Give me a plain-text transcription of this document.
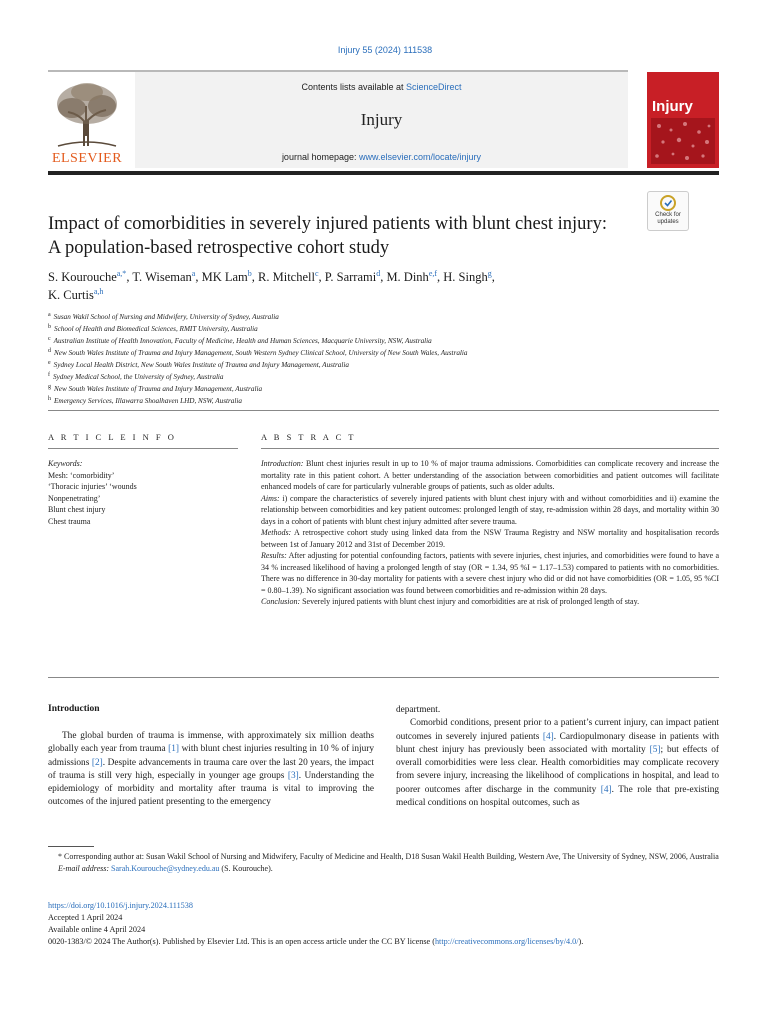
Injury 55 (2024) 111538
ELSEVIER
Contents lists available at ScienceDirect
Injury
journal homepage: www.elsevier.com/locate/injury
Injury
Impact of comorbidities in severely injured patients with blunt chest injury:
A population-based retrospective cohort study
Check for updates
S. Kourouche$^{a,*}$, T. Wiseman$^a$, MK Lam$^b$, R. Mitchell$^c$, P. Sarrami$^d$, M. Dinh$^{e,f}$, H. Singh$^g$,
K. Curtis$^{a,h}$
$^a$ Susan Wakil School of Nursing and Midwifery, University of Sydney, Australia
$^b$ School of Health and Biomedical Sciences, RMIT University, Australia
$^c$ Australian Institute of Health Innovation, Faculty of Medicine, Health and Human Sciences, Macquarie University, NSW, Australia
$^d$ New South Wales Institute of Trauma and Injury Management, South Western Sydney Clinical School, University of New South Wales, Australia
$^e$ Sydney Local Health District, New South Wales Institute of Trauma and Injury Management, Australia
$^f$ Sydney Medical School, the University of Sydney, Australia
$^g$ New South Wales Institute of Trauma and Injury Management, Australia
$^h$ Emergency Services, Illawarra Shoalhaven LHD, NSW, Australia
A R T I C L E I N F O	A B S T R A C T
Keywords:
Mesh: ‘comorbidity’
‘Thoracic injuries’ ‘wounds
Nonpenetrating’
Blunt chest injury
Chest trauma

Introduction: Blunt chest injuries result in up to 10 % of major trauma admissions. Comorbidities can complicate recovery and increase the mortality rate in this patient cohort. A better understanding of the association between comorbidities and patient outcomes will facilitate enhanced models of care for particularly vulnerable groups of patients, such as older adults.

Aims: i) compare the characteristics of severely injured patients with blunt chest injury with and without comorbidities and ii) examine the relationship between comorbidities and key patient outcomes: prolonged length of stay, re-admission within 28 days, and mortality within 30 days in a cohort of patients with blunt chest injury admitted after severe trauma.

Methods: A retrospective cohort study using linked data from the NSW Trauma Registry and NSW mortality and hospitalisation records between 1st of January 2012 and 31st of December 2019.

Results: After adjusting for potential confounding factors, patients with severe injuries, chest injuries, and comorbidities were found to have a 34 % increased likelihood of having a prolonged length of stay (OR = 1.34, 95 %I = 1.17–1.53) compared to patients with no comorbidities. There was no difference in 30-day mortality for patients with a severe chest injury who did or did not have comorbidities (OR = 1.05, 95 %CI = 0.80–1.39). No significant association was found between comorbidities and re-admission within 28 days.

Conclusion: Severely injured patients with blunt chest injury and comorbidities are at risk of prolonged length of stay.

Introduction

The global burden of trauma is immense, with approximately six million deaths globally each year from trauma [1] with blunt chest injuries resulting in 10 % of injury admissions [2]. Despite advancements in trauma care over the last 20 years, the impact of trauma is still very high, especially in younger age groups [3]. Understanding the epidemiology of morbidity and mortality after trauma is vital to improving the outcomes of the injured patient presenting to the emergency

department.

Comorbid conditions, present prior to a patient’s current injury, can impact patient outcomes in severely injured patients [4]. Cardiopulmonary disease in patients with blunt chest injury has previously been associated with mortality [5]; but effects of overall comorbidities were less clear. Health comorbidities may complicate recovery from severe injury, increasing the likelihood of complications in hospital, and lead to poorer outcomes after discharge in the community [4]. The role that pre-existing medical conditions on hospital outcomes, such as

* Corresponding author at: Susan Wakil School of Nursing and Midwifery, Faculty of Medicine and Health, D18 Susan Wakil Health Building, Western Ave, The University of Sydney, NSW, 2006, Australia

E-mail address: Sarah.Kourouche@sydney.edu.au (S. Kourouche).

https://doi.org/10.1016/j.injury.2024.111538
Accepted 1 April 2024
Available online 4 April 2024
0020-1383/© 2024 The Author(s). Published by Elsevier Ltd. This is an open access article under the CC BY license (http://creativecommons.org/licenses/by/4.0/).
